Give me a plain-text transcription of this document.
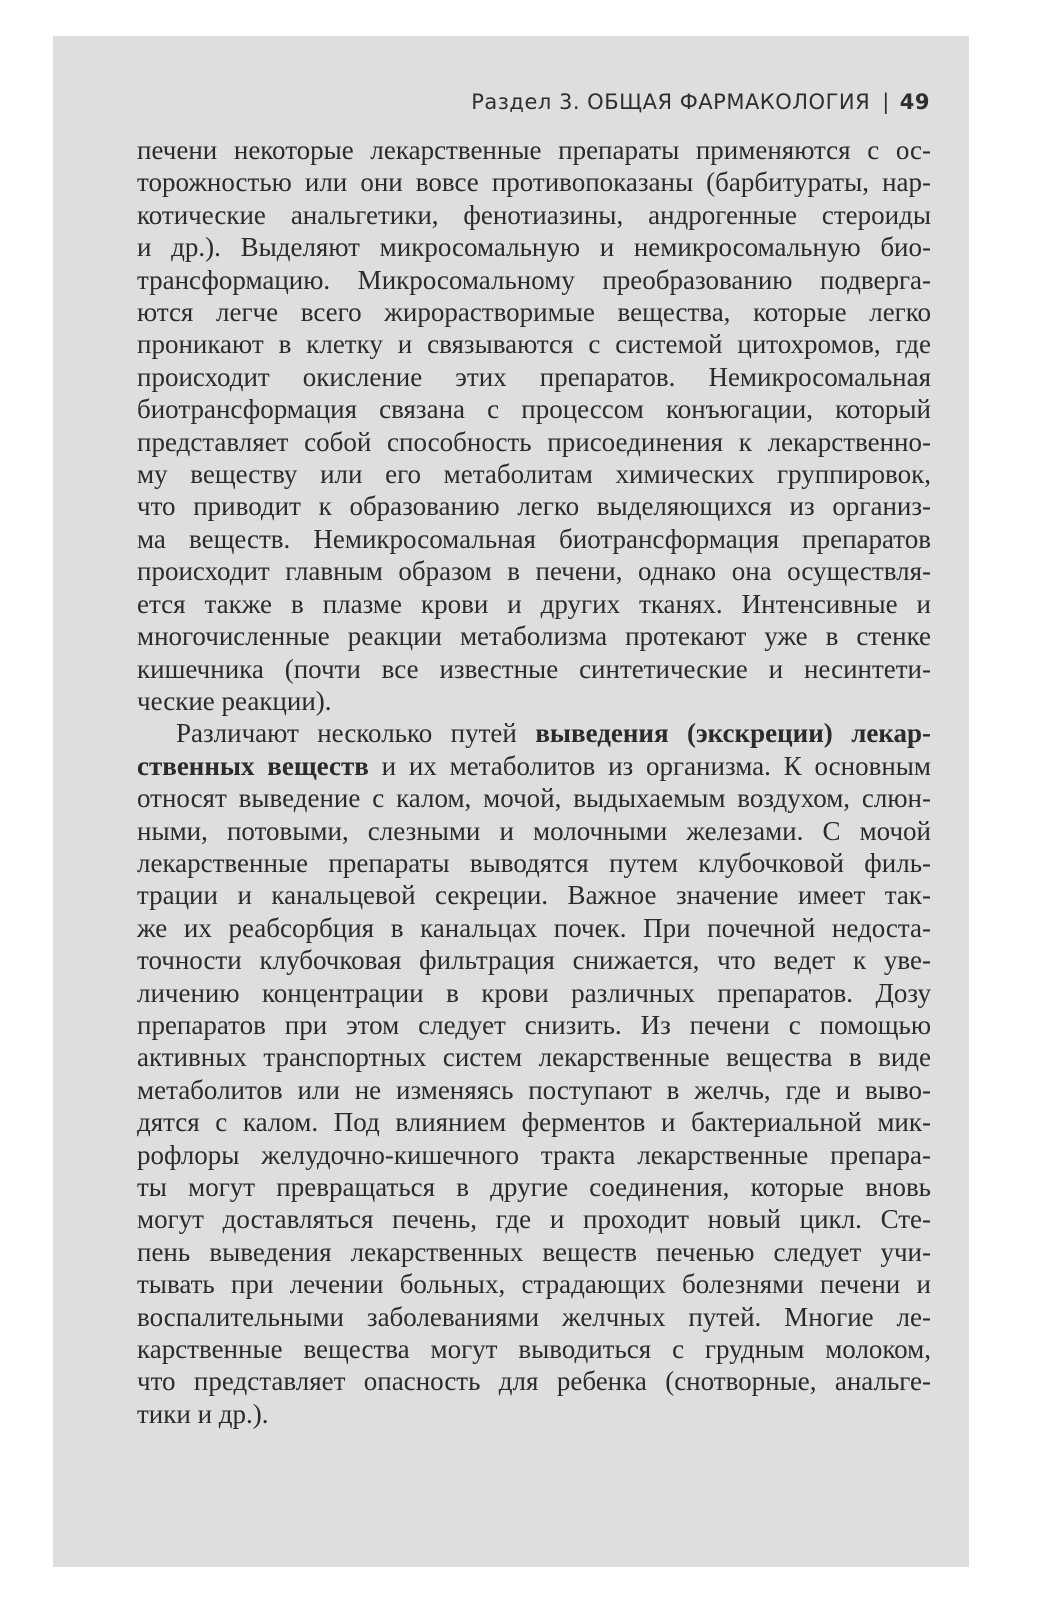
Раздел 3. ОБЩАЯ ФАРМАКОЛОГИЯ | 49
печени некоторые лекарственные препараты применяются с ос-
торожностью или они вовсе противопоказаны (барбитураты, нар-
котические анальгетики, фенотиазины, андрогенные стероиды
и др.). Выделяют микросомальную и немикросомальную био-
трансформацию. Микросомальному преобразованию подверга-
ются легче всего жирорастворимые вещества, которые легко
проникают в клетку и связываются с системой цитохромов, где
происходит окисление этих препаратов. Немикросомальная
биотрансформация связана с процессом конъюгации, который
представляет собой способность присоединения к лекарственно-
му веществу или его метаболитам химических группировок,
что приводит к образованию легко выделяющихся из организ-
ма веществ. Немикросомальная биотрансформация препаратов
происходит главным образом в печени, однако она осуществля-
ется также в плазме крови и других тканях. Интенсивные и
многочисленные реакции метаболизма протекают уже в стенке
кишечника (почти все известные синтетические и несинтети-
ческие реакции).
Различают несколько путей выведения (экскреции) лекар-
ственных веществ и их метаболитов из организма. К основным
относят выведение с калом, мочой, выдыхаемым воздухом, слюн-
ными, потовыми, слезными и молочными железами. С мочой
лекарственные препараты выводятся путем клубочковой филь-
трации и канальцевой секреции. Важное значение имеет так-
же их реабсорбция в канальцах почек. При почечной недоста-
точности клубочковая фильтрация снижается, что ведет к уве-
личению концентрации в крови различных препаратов. Дозу
препаратов при этом следует снизить. Из печени с помощью
активных транспортных систем лекарственные вещества в виде
метаболитов или не изменяясь поступают в желчь, где и выво-
дятся с калом. Под влиянием ферментов и бактериальной мик-
рофлоры желудочно-кишечного тракта лекарственные препара-
ты могут превращаться в другие соединения, которые вновь
могут доставляться печень, где и проходит новый цикл. Сте-
пень выведения лекарственных веществ печенью следует учи-
тывать при лечении больных, страдающих болезнями печени и
воспалительными заболеваниями желчных путей. Многие ле-
карственные вещества могут выводиться с грудным молоком,
что представляет опасность для ребенка (снотворные, анальге-
тики и др.).
